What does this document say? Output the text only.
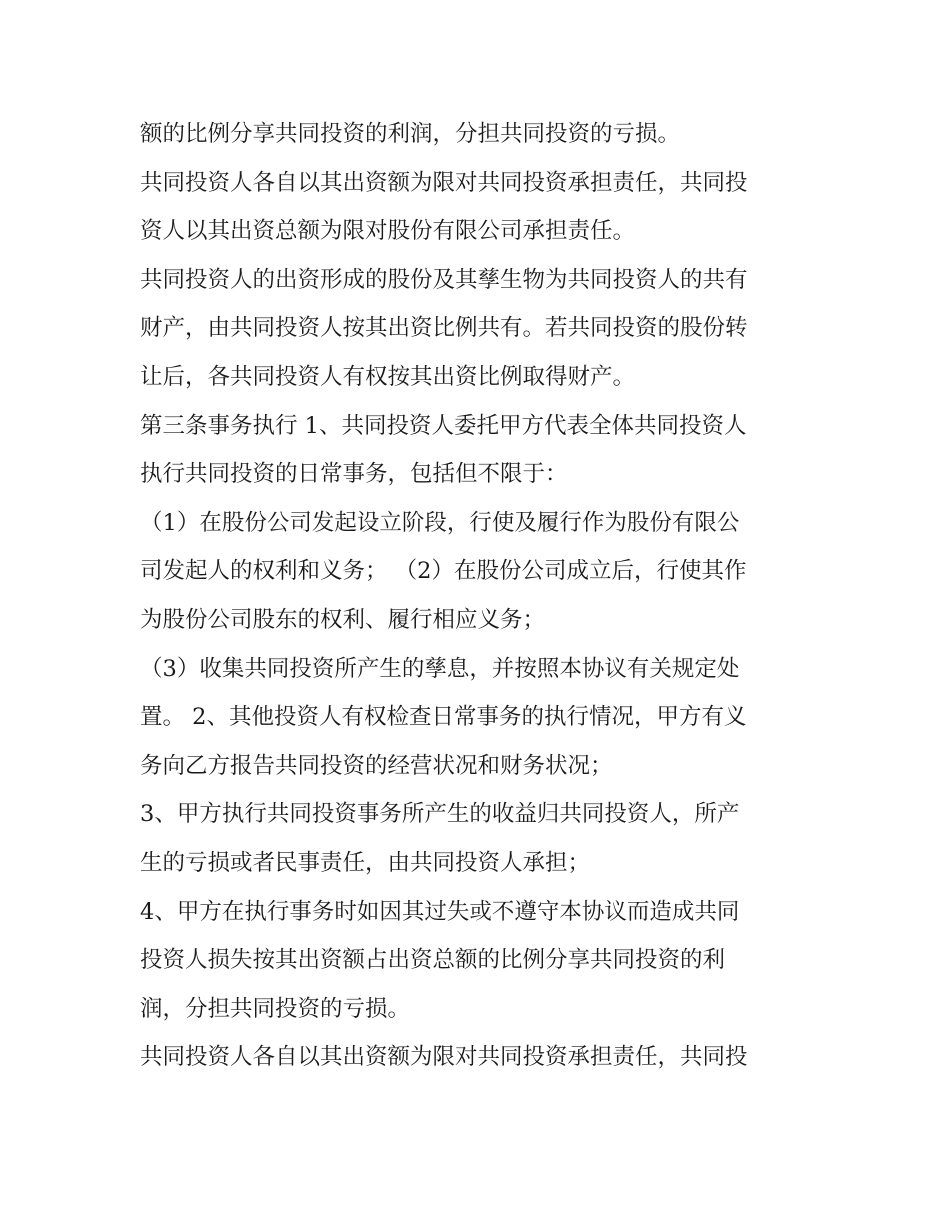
额的比例分享共同投资的利润，分担共同投资的亏损。
共同投资人各自以其出资额为限对共同投资承担责任，共同投
资人以其出资总额为限对股份有限公司承担责任。
共同投资人的出资形成的股份及其孳生物为共同投资人的共有
财产，由共同投资人按其出资比例共有。若共同投资的股份转
让后，各共同投资人有权按其出资比例取得财产。
第三条事务执行 1、共同投资人委托甲方代表全体共同投资人
执行共同投资的日常事务，包括但不限于：
（1）在股份公司发起设立阶段，行使及履行作为股份有限公
司发起人的权利和义务； （2）在股份公司成立后，行使其作
为股份公司股东的权利、履行相应义务；
（3）收集共同投资所产生的孳息，并按照本协议有关规定处
置。 2、其他投资人有权检查日常事务的执行情况，甲方有义
务向乙方报告共同投资的经营状况和财务状况；
3、甲方执行共同投资事务所产生的收益归共同投资人，所产
生的亏损或者民事责任，由共同投资人承担；
4、甲方在执行事务时如因其过失或不遵守本协议而造成共同
投资人损失按其出资额占出资总额的比例分享共同投资的利
润，分担共同投资的亏损。
共同投资人各自以其出资额为限对共同投资承担责任，共同投
